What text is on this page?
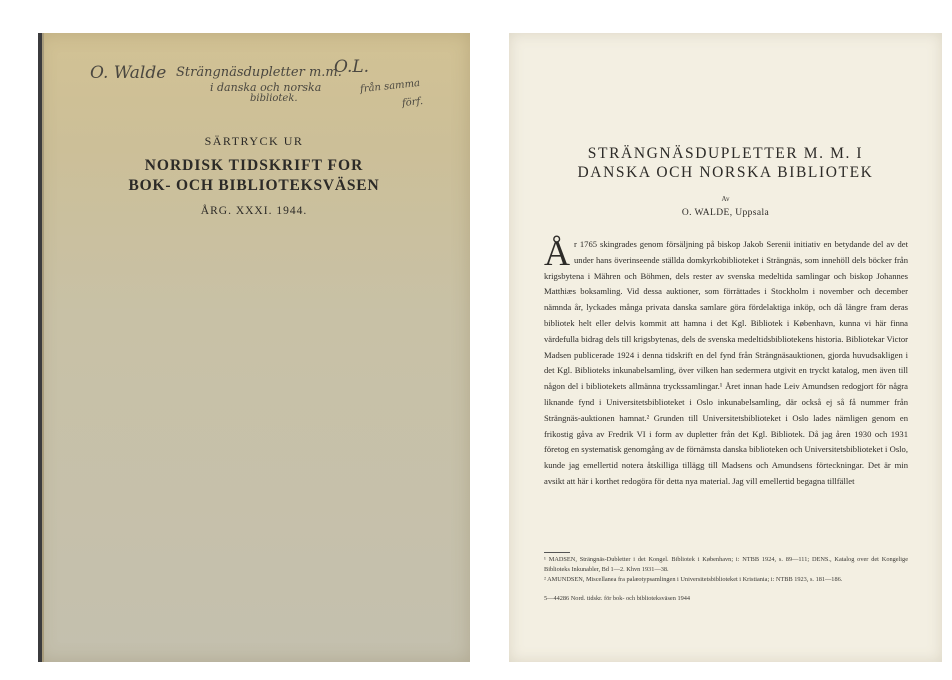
O. Walde Strängnäsdupletter m.m.
O.L.
i danska och norska
bibliotek.
från samma
förf.
SÄRTRYCK UR
NORDISK TIDSKRIFT FOR
BOK- OCH BIBLIOTEKSVÄSEN
ÅRG. XXXI. 1944.
STRÄNGNÄSDUPLETTER M. M. I
DANSKA OCH NORSKA BIBLIOTEK
Av
O. WALDE, Uppsala
År 1765 skingrades genom försäljning på biskop Jakob Serenii initiativ en betydande del av det under hans överinseende ställda domkyrkobiblioteket i Strängnäs, som innehöll dels böcker från krigsbytena i Mähren och Böhmen, dels rester av svenska medeltida samlingar och biskop Johannes Matthiæs boksamling. Vid dessa auktioner, som förrättades i Stockholm i november och december nämnda år, lyckades många privata danska samlare göra fördelaktiga inköp, och då längre fram deras bibliotek helt eller delvis kommit att hamna i det Kgl. Bibliotek i København, kunna vi här finna värdefulla bidrag dels till krigsbytenas, dels de svenska medeltidsbibliotekens historia. Bibliotekar Victor Madsen publicerade 1924 i denna tidskrift en del fynd från Strängnäsauktionen, gjorda huvudsakligen i det Kgl. Biblioteks inkunabelsamling, över vilken han sedermera utgivit en tryckt katalog, men även till någon del i bibliotekets allmänna tryckssamlingar.¹ Året innan hade Leiv Amundsen redogjort för några liknande fynd i Universitetsbiblioteket i Oslo inkunabelsamling, där också ej så få nummer från Strängnäs-auktionen hamnat.² Grunden till Universitetsbiblioteket i Oslo lades nämligen genom en frikostig gåva av Fredrik VI i form av dupletter från det Kgl. Bibliotek. Då jag åren 1930 och 1931 företog en systematisk genomgång av de förnämsta danska biblioteken och Universitetsbiblioteket i Oslo, kunde jag emellertid notera åtskilliga tillägg till Madsens och Amundsens förteckningar. Det är min avsikt att här i korthet redogöra för detta nya material. Jag vill emellertid begagna tillfället
¹ MADSEN, Strängnäs-Dubletter i det Kongel. Bibliotek i København; i: NTBB 1924, s. 89—111; DENS., Katalog over det Kongelige Biblioteks Inkunabler, Bd 1—2. Khvn 1931—38.
² AMUNDSEN, Miscellanea fra palæotypsamlingen i Universitetsbiblioteket i Kristiania; i: NTBB 1923, s. 181—186.
5—44286 Nord. tidskr. för bok- och biblioteksväsen 1944
